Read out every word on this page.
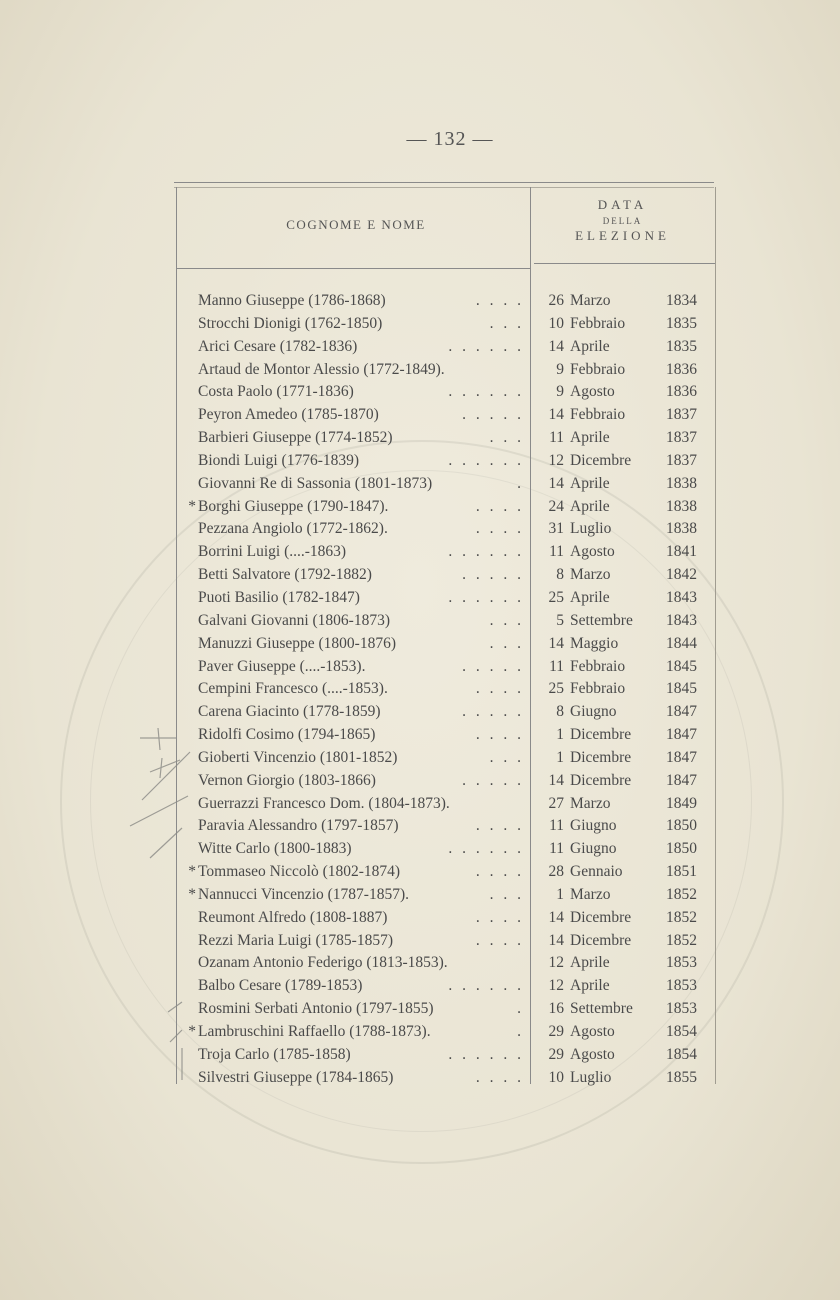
— 132 —
COGNOME E NOME
DATA
DELLA
ELEZIONE
Manno Giuseppe (1786-1868)	. . . .	26 Marzo	1834
Strocchi Dionigi (1762-1850)	. . .	10 Febbraio	1835
Arici Cesare (1782-1836)	. . . . . .	14 Aprile	1835
Artaud de Montor Alessio (1772-1849).	9 Febbraio	1836
Costa Paolo (1771-1836)	. . . . . .	9 Agosto	1836
Peyron Amedeo (1785-1870)	. . . . .	14 Febbraio	1837
Barbieri Giuseppe (1774-1852)	. . .	11 Aprile	1837
Biondi Luigi (1776-1839)	. . . . . .	12 Dicembre 1837
Giovanni Re di Sassonia (1801-1873)	.	14 Aprile	1838
* Borghi Giuseppe (1790-1847).	. . . .	24 Aprile	1838
Pezzana Angiolo (1772-1862).	. . . .	31 Luglio	1838
Borrini Luigi (....-1863)	. . . . . .	11 Agosto	1841
Betti Salvatore (1792-1882)	. . . . .	8 Marzo	1842
Puoti Basilio (1782-1847)	. . . . . .	25 Aprile	1843
Galvani Giovanni (1806-1873)	. . .	5 Settembre 1843
Manuzzi Giuseppe (1800-1876)	. . .	14 Maggio	1844
Paver Giuseppe (....-1853).	. . . . .	11 Febbraio	1845
Cempini Francesco (....-1853).	. . . .	25 Febbraio	1845
Carena Giacinto (1778-1859)	. . . . .	8 Giugno	1847
Ridolfi Cosimo (1794-1865)	. . . .	1 Dicembre 1847
Gioberti Vincenzio (1801-1852)	. . .	1 Dicembre 1847
Vernon Giorgio (1803-1866)	. . . . .	14 Dicembre 1847
Guerrazzi Francesco Dom. (1804-1873).	27 Marzo	1849
Paravia Alessandro (1797-1857)	. . . .	11 Giugno	1850
Witte Carlo (1800-1883)	. . . . . .	11 Giugno	1850
* Tommaseo Niccolò (1802-1874)	. . . .	28 Gennaio	1851
* Nannucci Vincenzio (1787-1857).	. . .	1 Marzo	1852
Reumont Alfredo (1808-1887)	. . . .	14 Dicembre 1852
Rezzi Maria Luigi (1785-1857)	. . . .	14 Dicembre 1852
Ozanam Antonio Federigo (1813-1853).	12 Aprile	1853
Balbo Cesare (1789-1853)	. . . . . .	12 Aprile	1853
Rosmini Serbati Antonio (1797-1855)	.	16 Settembre 1853
* Lambruschini Raffaello (1788-1873).	.	29 Agosto	1854
Troja Carlo (1785-1858)	. . . . . .	29 Agosto	1854
Silvestri Giuseppe (1784-1865)	. . . .	10 Luglio	1855
